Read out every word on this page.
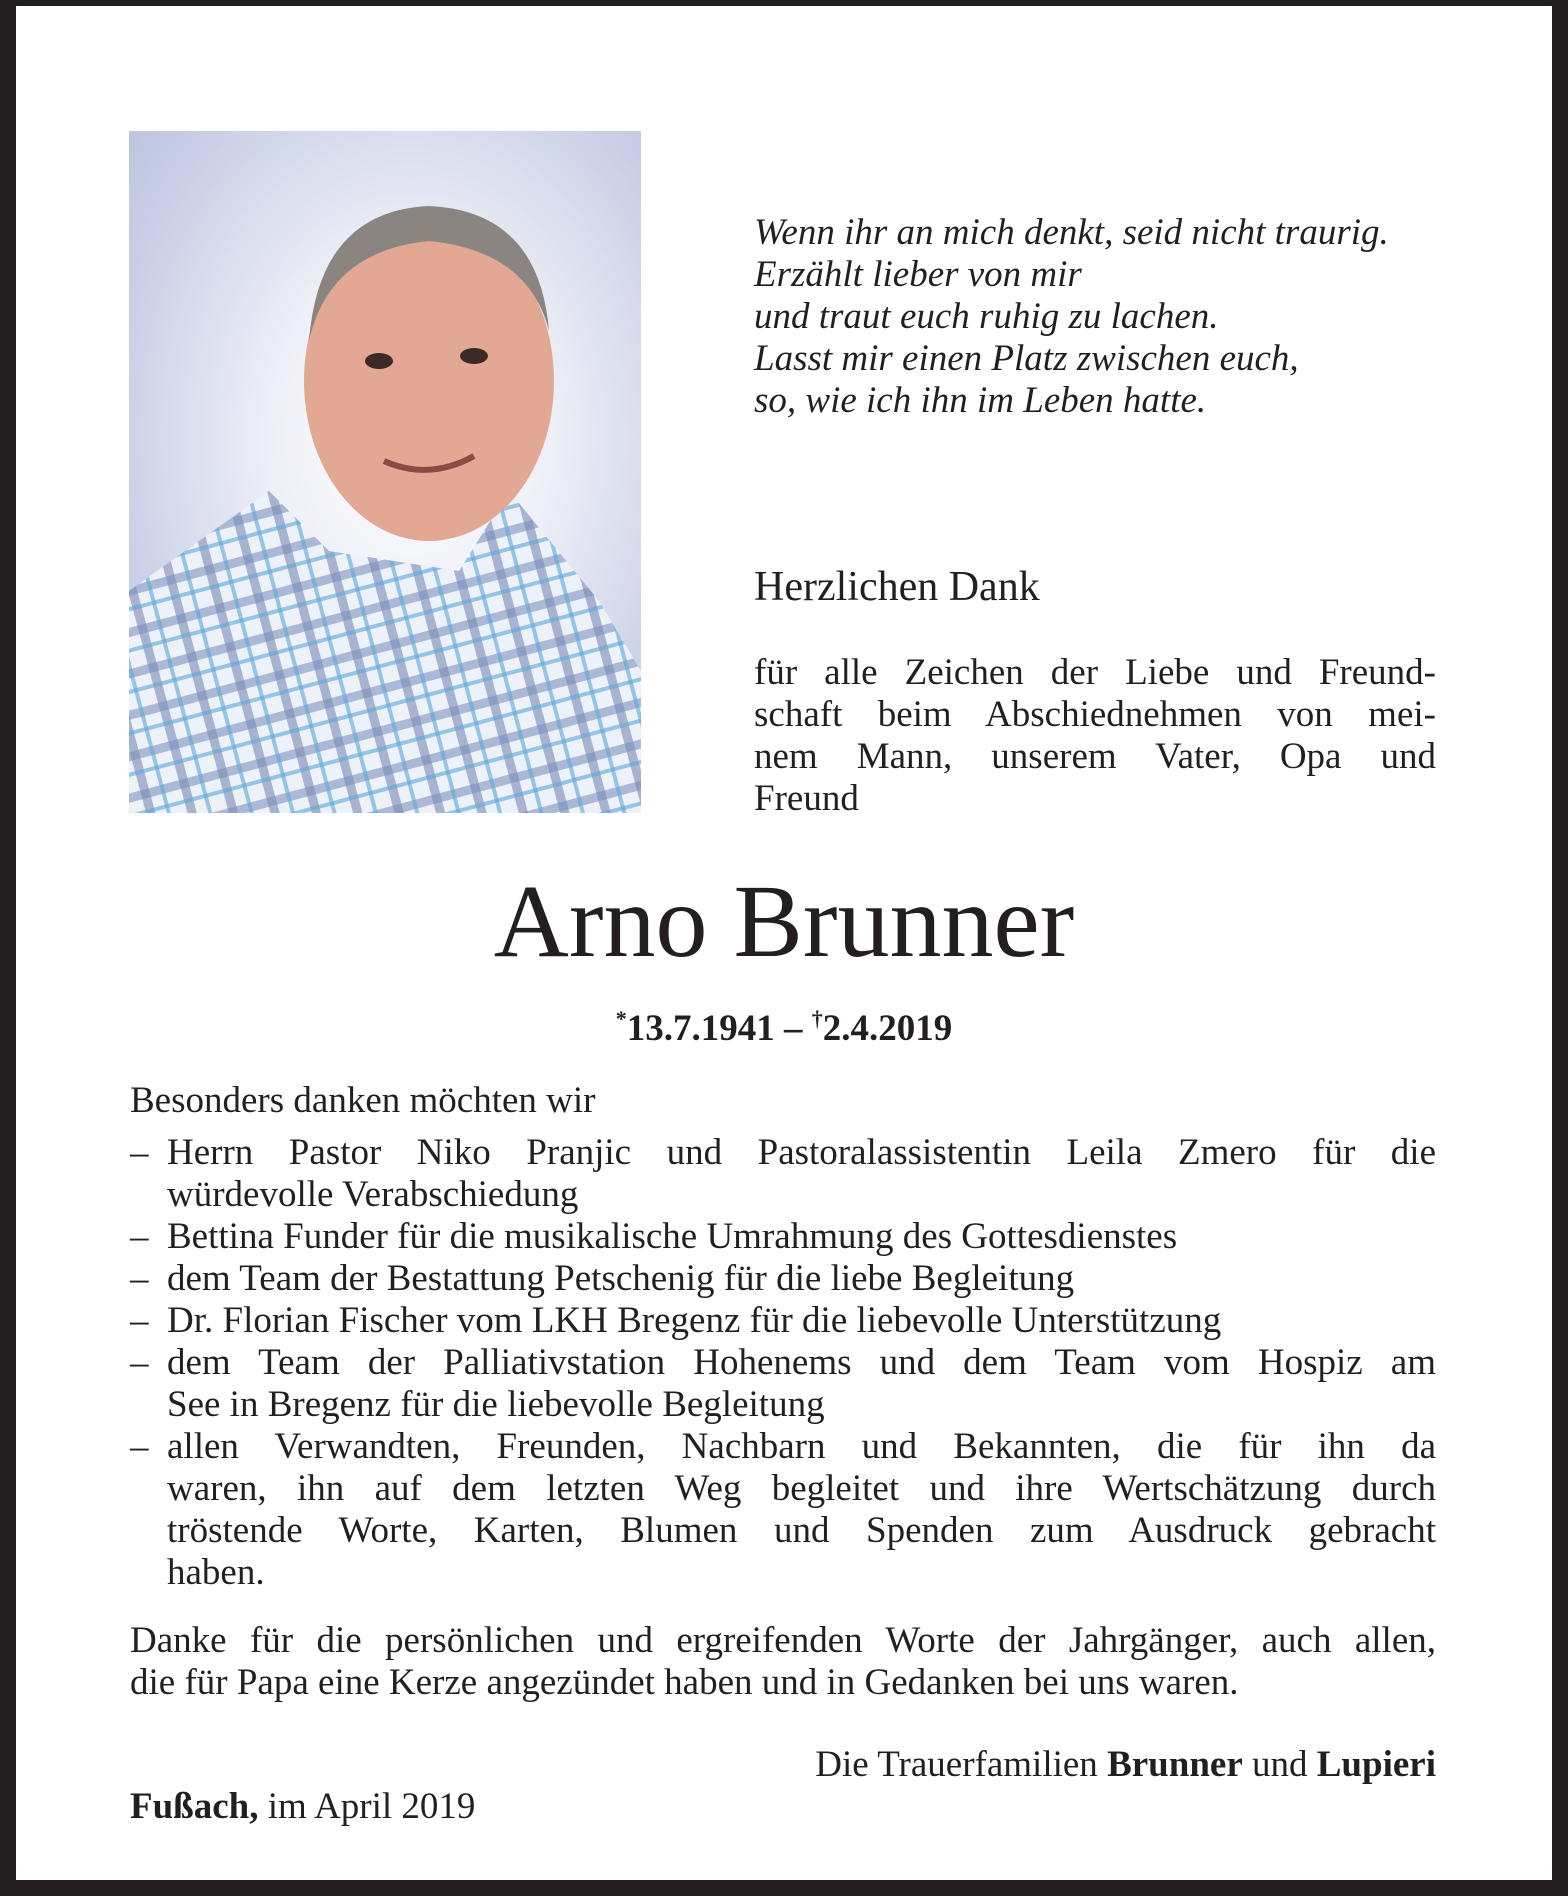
Wenn ihr an mich denkt, seid nicht traurig.
Erzählt lieber von mir
und traut euch ruhig zu lachen.
Lasst mir einen Platz zwischen euch,
so, wie ich ihn im Leben hatte.
Herzlichen Dank
für alle Zeichen der Liebe und Freund-
schaft beim Abschiednehmen von mei-
nem Mann, unserem Vater, Opa und
Freund
Arno Brunner
*13.7.1941 – †2.4.2019
Besonders danken möchten wir
– Herrn Pastor Niko Pranjic und Pastoralassistentin Leila Zmero für die
würdevolle Verabschiedung
– Bettina Funder für die musikalische Umrahmung des Gottesdienstes
– dem Team der Bestattung Petschenig für die liebe Begleitung
– Dr. Florian Fischer vom LKH Bregenz für die liebevolle Unterstützung
– dem Team der Palliativstation Hohenems und dem Team vom Hospiz am
See in Bregenz für die liebevolle Begleitung
– allen Verwandten, Freunden, Nachbarn und Bekannten, die für ihn da
waren, ihn auf dem letzten Weg begleitet und ihre Wertschätzung durch
tröstende Worte, Karten, Blumen und Spenden zum Ausdruck gebracht
haben.
Danke für die persönlichen und ergreifenden Worte der Jahrgänger, auch allen,
die für Papa eine Kerze angezündet haben und in Gedanken bei uns waren.
Die Trauerfamilien Brunner und Lupieri
Fußach, im April 2019
